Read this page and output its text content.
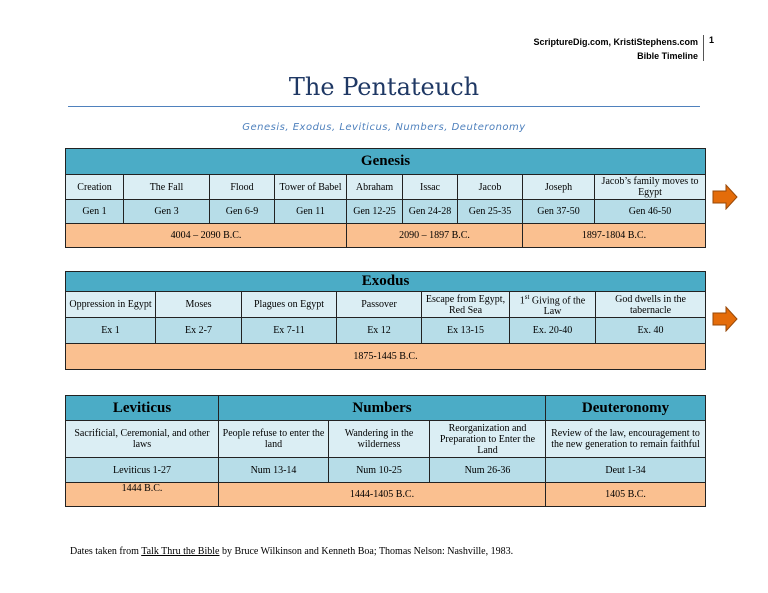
ScriptureDig.com, KristiStephens.com
Bible Timeline
1
The Pentateuch
Genesis, Exodus, Leviticus, Numbers, Deuteronomy
Genesis								
Creation	The Fall	Flood	Tower of Babel	Abraham	Issac	Jacob	Joseph	Jacob’s family moves to Egypt
Gen 1	Gen 3	Gen 6-9	Gen 11	Gen 12-25	Gen 24-28	Gen 25-35	Gen 37-50	Gen 46-50
4004 – 2090 B.C.				2090 – 1897 B.C.			1897-1804 B.C.	
Exodus						
Oppression in Egypt	Moses	Plagues on Egypt	Passover	Escape from Egypt, Red Sea	1st Giving of the Law	God dwells in the tabernacle
Ex 1	Ex 2-7	Ex 7-11	Ex 12	Ex 13-15	Ex. 20-40	Ex. 40
1875-1445 B.C.						
Leviticus	Numbers			Deuteronomy
Sacrificial, Ceremonial, and other laws	People refuse to enter the land	Wandering in the wilderness	Reorganization and Preparation to Enter the Land	Review of the law, encouragement to the new generation to remain faithful
Leviticus 1-27	Num 13-14	Num 10-25	Num 26-36	Deut 1-34
1444 B.C.	1444-1405 B.C.			1405 B.C.
Dates taken from Talk Thru the Bible by Bruce Wilkinson and Kenneth Boa; Thomas Nelson: Nashville, 1983.
